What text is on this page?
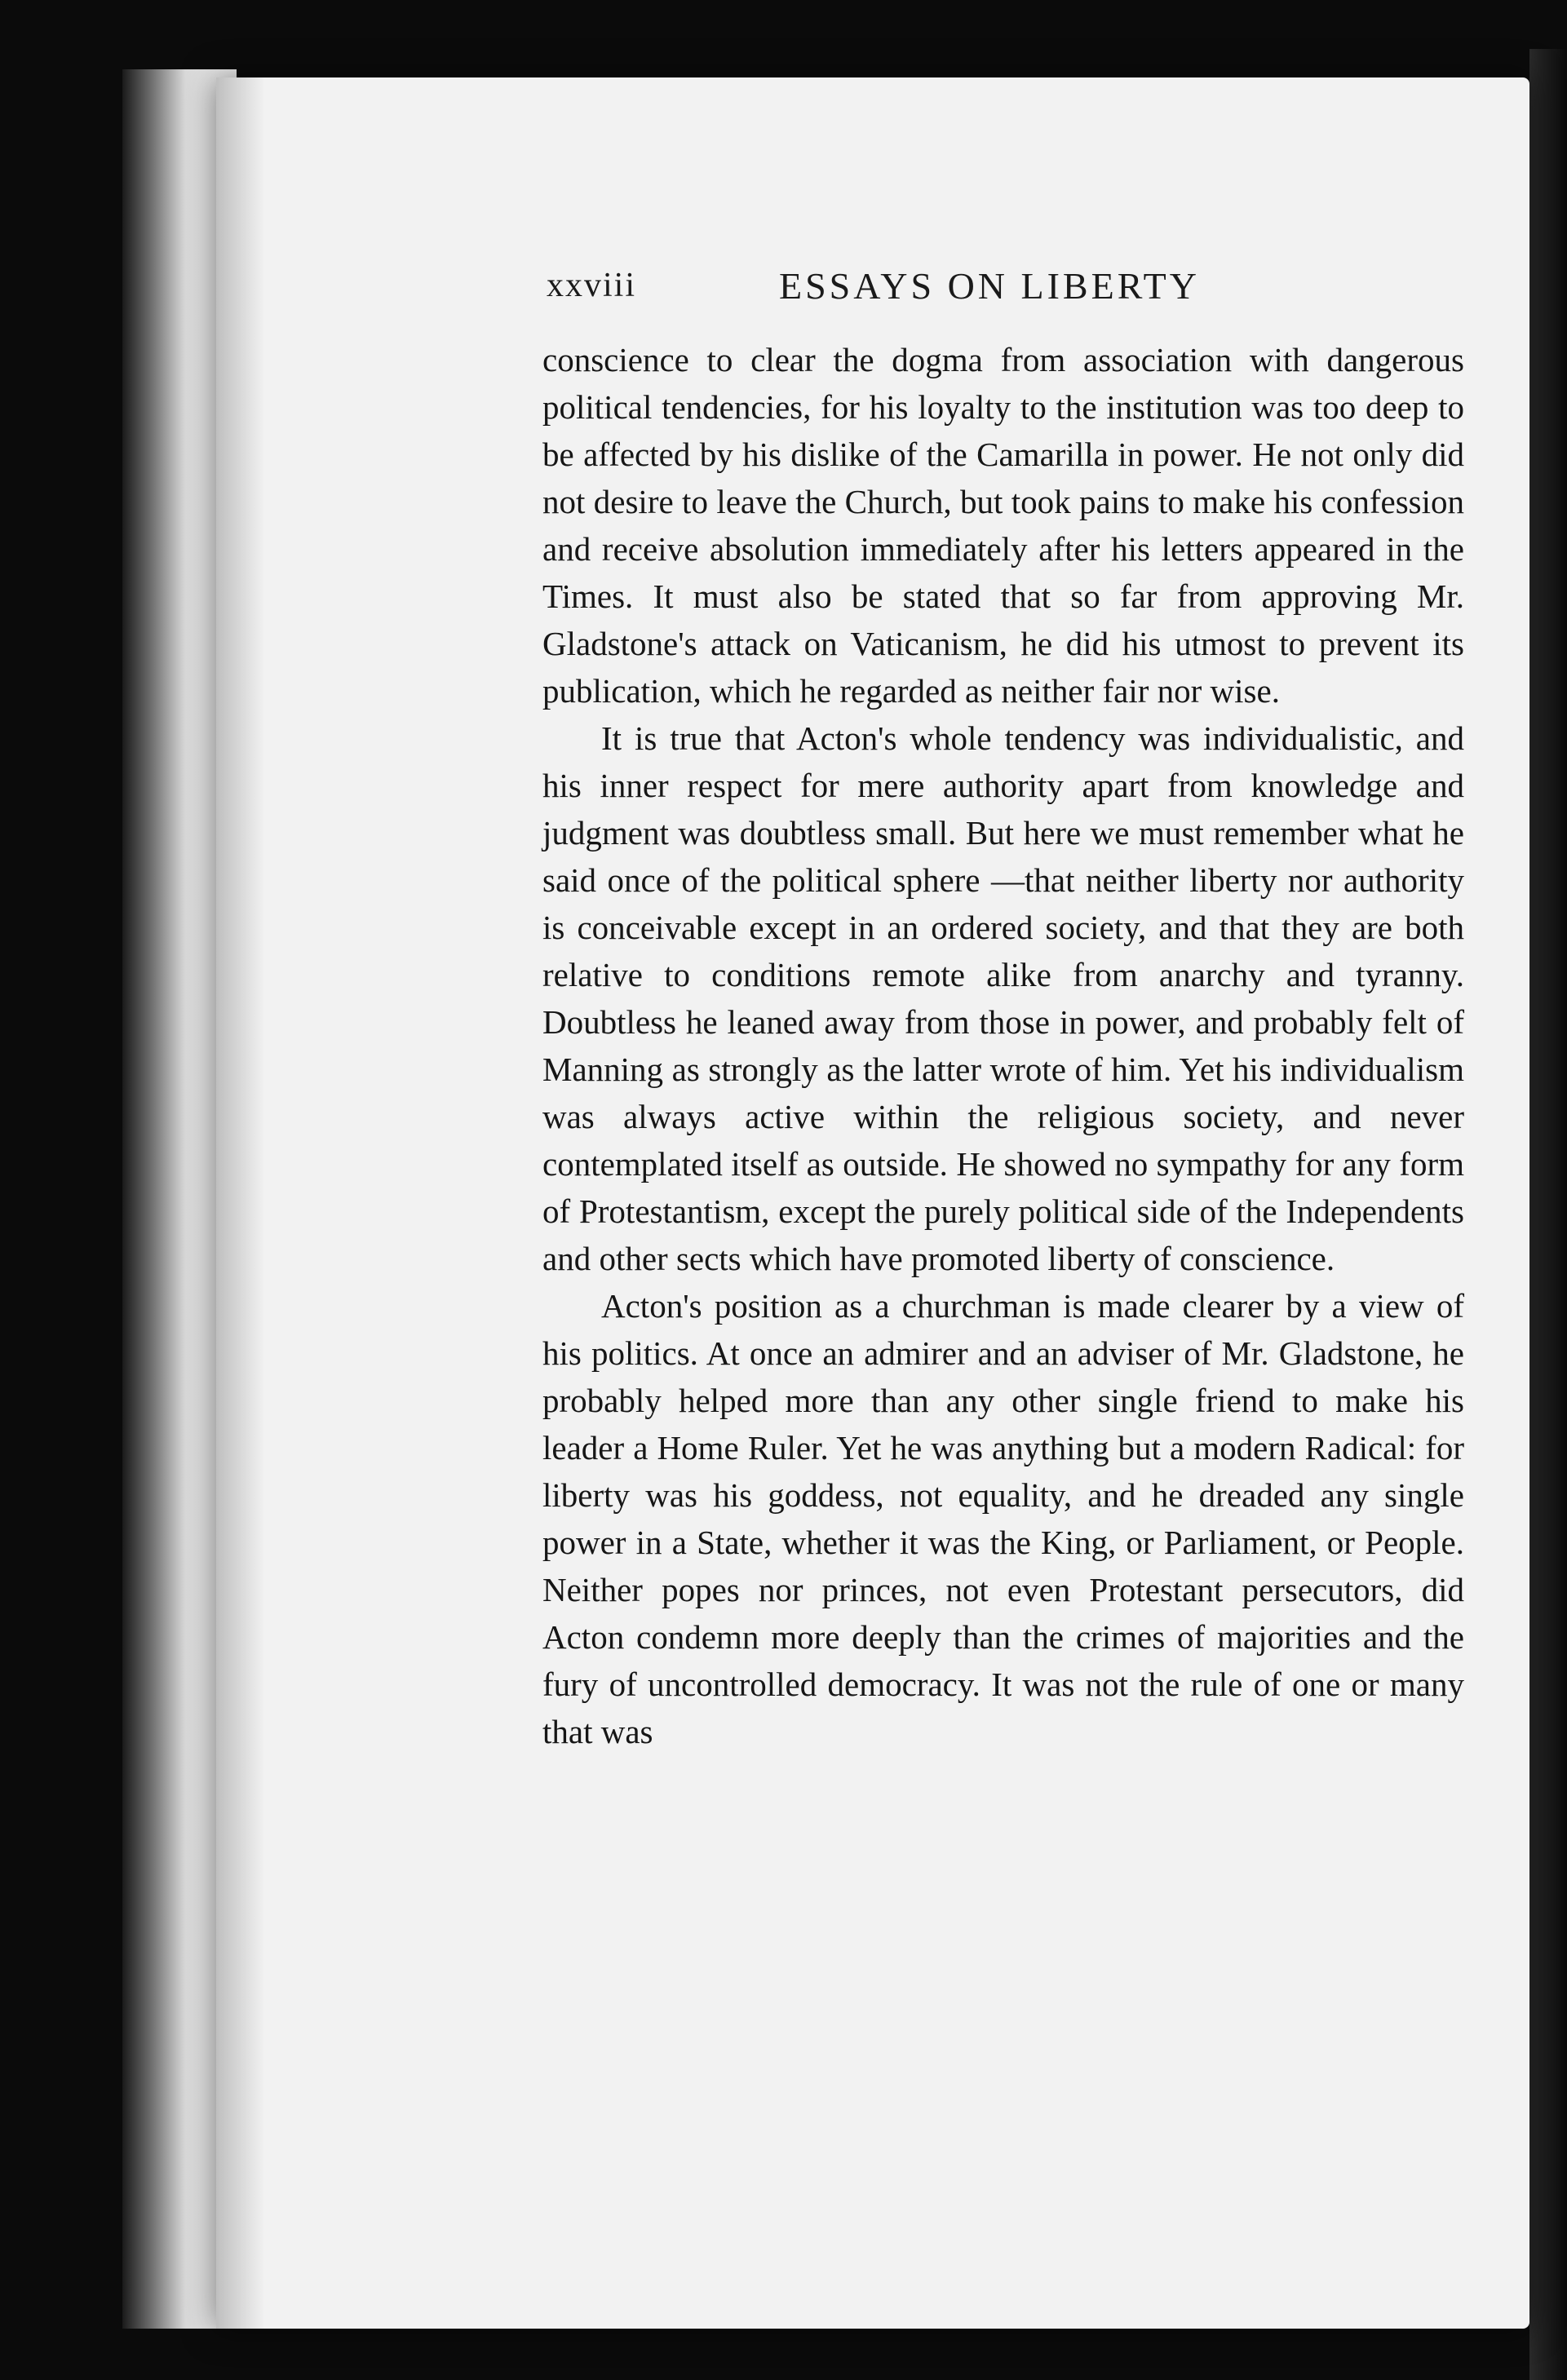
xxviii	ESSAYS ON LIBERTY

conscience to clear the dogma from association with dangerous political tendencies, for his loyalty to the institution was too deep to be affected by his dislike of the Camarilla in power. He not only did not desire to leave the Church, but took pains to make his confession and receive absolution immediately after his letters appeared in the Times. It must also be stated that so far from approving Mr. Gladstone's attack on Vaticanism, he did his utmost to prevent its publication, which he regarded as neither fair nor wise.

It is true that Acton's whole tendency was individualistic, and his inner respect for mere authority apart from knowledge and judgment was doubtless small. But here we must remember what he said once of the political sphere —that neither liberty nor authority is conceivable except in an ordered society, and that they are both relative to conditions remote alike from anarchy and tyranny. Doubtless he leaned away from those in power, and probably felt of Manning as strongly as the latter wrote of him. Yet his individualism was always active within the religious society, and never contemplated itself as outside. He showed no sympathy for any form of Protestantism, except the purely political side of the Independents and other sects which have promoted liberty of conscience.

Acton's position as a churchman is made clearer by a view of his politics. At once an admirer and an adviser of Mr. Gladstone, he probably helped more than any other single friend to make his leader a Home Ruler. Yet he was anything but a modern Radical: for liberty was his goddess, not equality, and he dreaded any single power in a State, whether it was the King, or Parliament, or People. Neither popes nor princes, not even Protestant persecutors, did Acton condemn more deeply than the crimes of majorities and the fury of uncontrolled democracy. It was not the rule of one or many that was
